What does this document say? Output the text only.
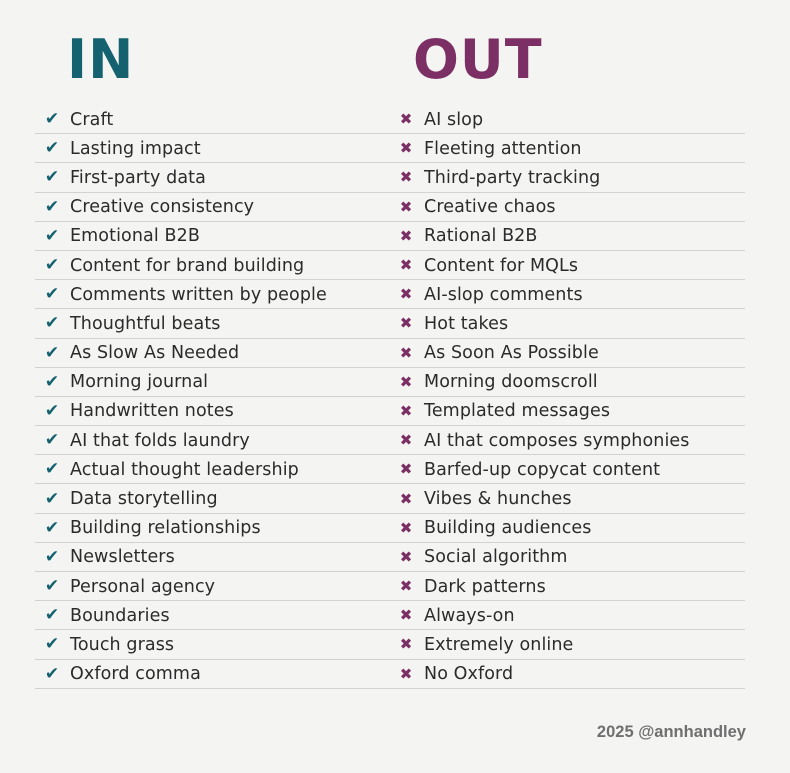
IN	OUT
✔ Craft	✖ AI slop
✔ Lasting impact	✖ Fleeting attention
✔ First-party data	✖ Third-party tracking
✔ Creative consistency	✖ Creative chaos
✔ Emotional B2B	✖ Rational B2B
✔ Content for brand building	✖ Content for MQLs
✔ Comments written by people	✖ AI-slop comments
✔ Thoughtful beats	✖ Hot takes
✔ As Slow As Needed	✖ As Soon As Possible
✔ Morning journal	✖ Morning doomscroll
✔ Handwritten notes	✖ Templated messages
✔ AI that folds laundry	✖ AI that composes symphonies
✔ Actual thought leadership	✖ Barfed-up copycat content
✔ Data storytelling	✖ Vibes & hunches
✔ Building relationships	✖ Building audiences
✔ Newsletters	✖ Social algorithm
✔ Personal agency	✖ Dark patterns
✔ Boundaries	✖ Always-on
✔ Touch grass	✖ Extremely online
✔ Oxford comma	✖ No Oxford
2025 @annhandley
